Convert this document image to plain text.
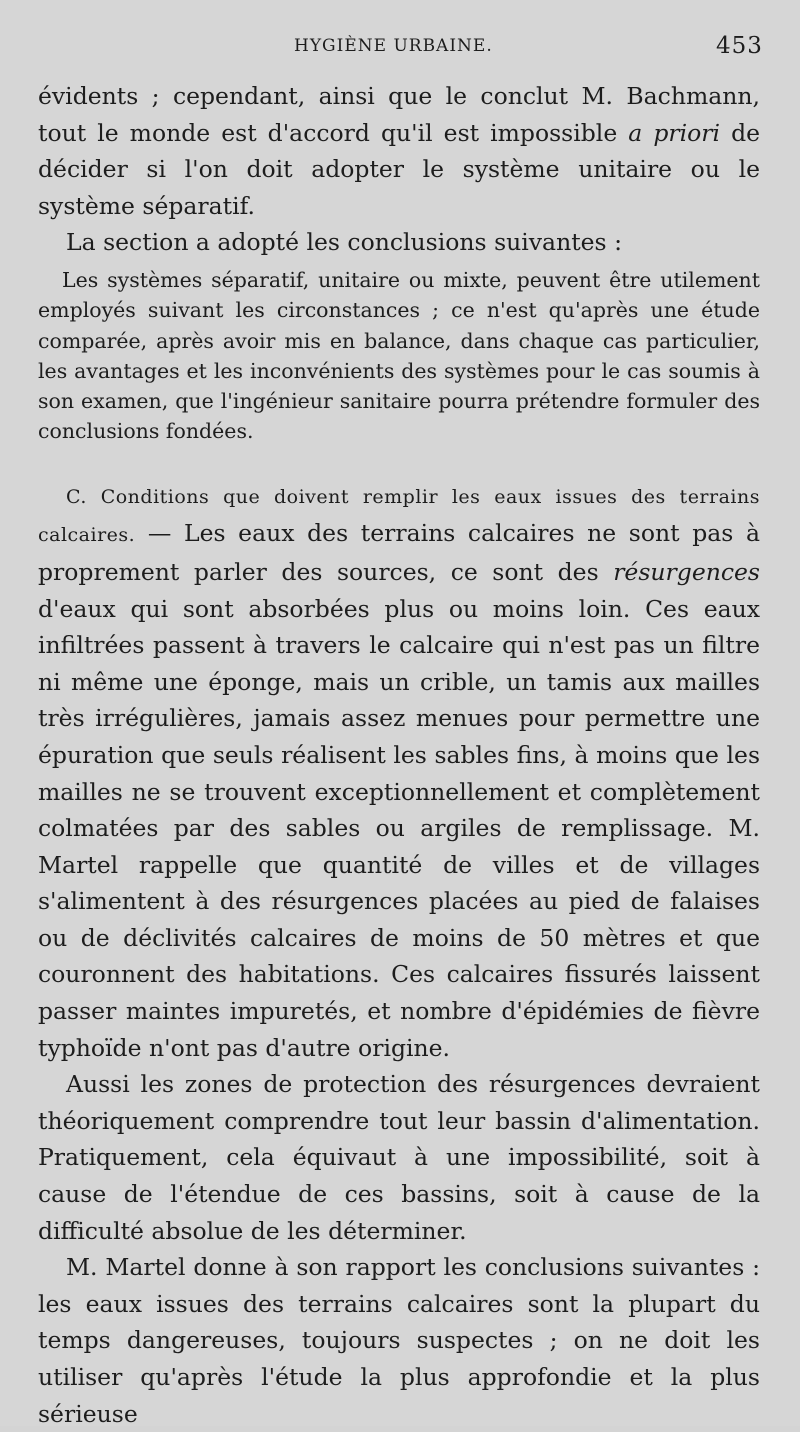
HYGIÈNE URBAINE.	453

évidents ; cependant, ainsi que le conclut M. Bachmann, tout le monde est d'accord qu'il est impossible a priori de décider si l'on doit adopter le système unitaire ou le système séparatif.

La section a adopté les conclusions suivantes :

Les systèmes séparatif, unitaire ou mixte, peuvent être utilement employés suivant les circonstances ; ce n'est qu'après une étude comparée, après avoir mis en balance, dans chaque cas particulier, les avantages et les inconvénients des systèmes pour le cas soumis à son examen, que l'ingénieur sanitaire pourra prétendre formuler des conclusions fondées.

C. Conditions que doivent remplir les eaux issues des terrains calcaires. — Les eaux des terrains calcaires ne sont pas à proprement parler des sources, ce sont des résurgences d'eaux qui sont absorbées plus ou moins loin. Ces eaux infiltrées passent à travers le calcaire qui n'est pas un filtre ni même une éponge, mais un crible, un tamis aux mailles très irrégulières, jamais assez menues pour permettre une épuration que seuls réalisent les sables fins, à moins que les mailles ne se trouvent exceptionnellement et complètement colmatées par des sables ou argiles de remplissage. M. Martel rappelle que quantité de villes et de villages s'alimentent à des résurgences placées au pied de falaises ou de déclivités calcaires de moins de 50 mètres et que couronnent des habitations. Ces calcaires fissurés laissent passer maintes impuretés, et nombre d'épidémies de fièvre typhoïde n'ont pas d'autre origine.

Aussi les zones de protection des résurgences devraient théoriquement comprendre tout leur bassin d'alimentation. Pratiquement, cela équivaut à une impossibilité, soit à cause de l'étendue de ces bassins, soit à cause de la difficulté absolue de les déterminer.

M. Martel donne à son rapport les conclusions suivantes : les eaux issues des terrains calcaires sont la plupart du temps dangereuses, toujours suspectes ; on ne doit les utiliser qu'après l'étude la plus approfondie et la plus sérieuse
